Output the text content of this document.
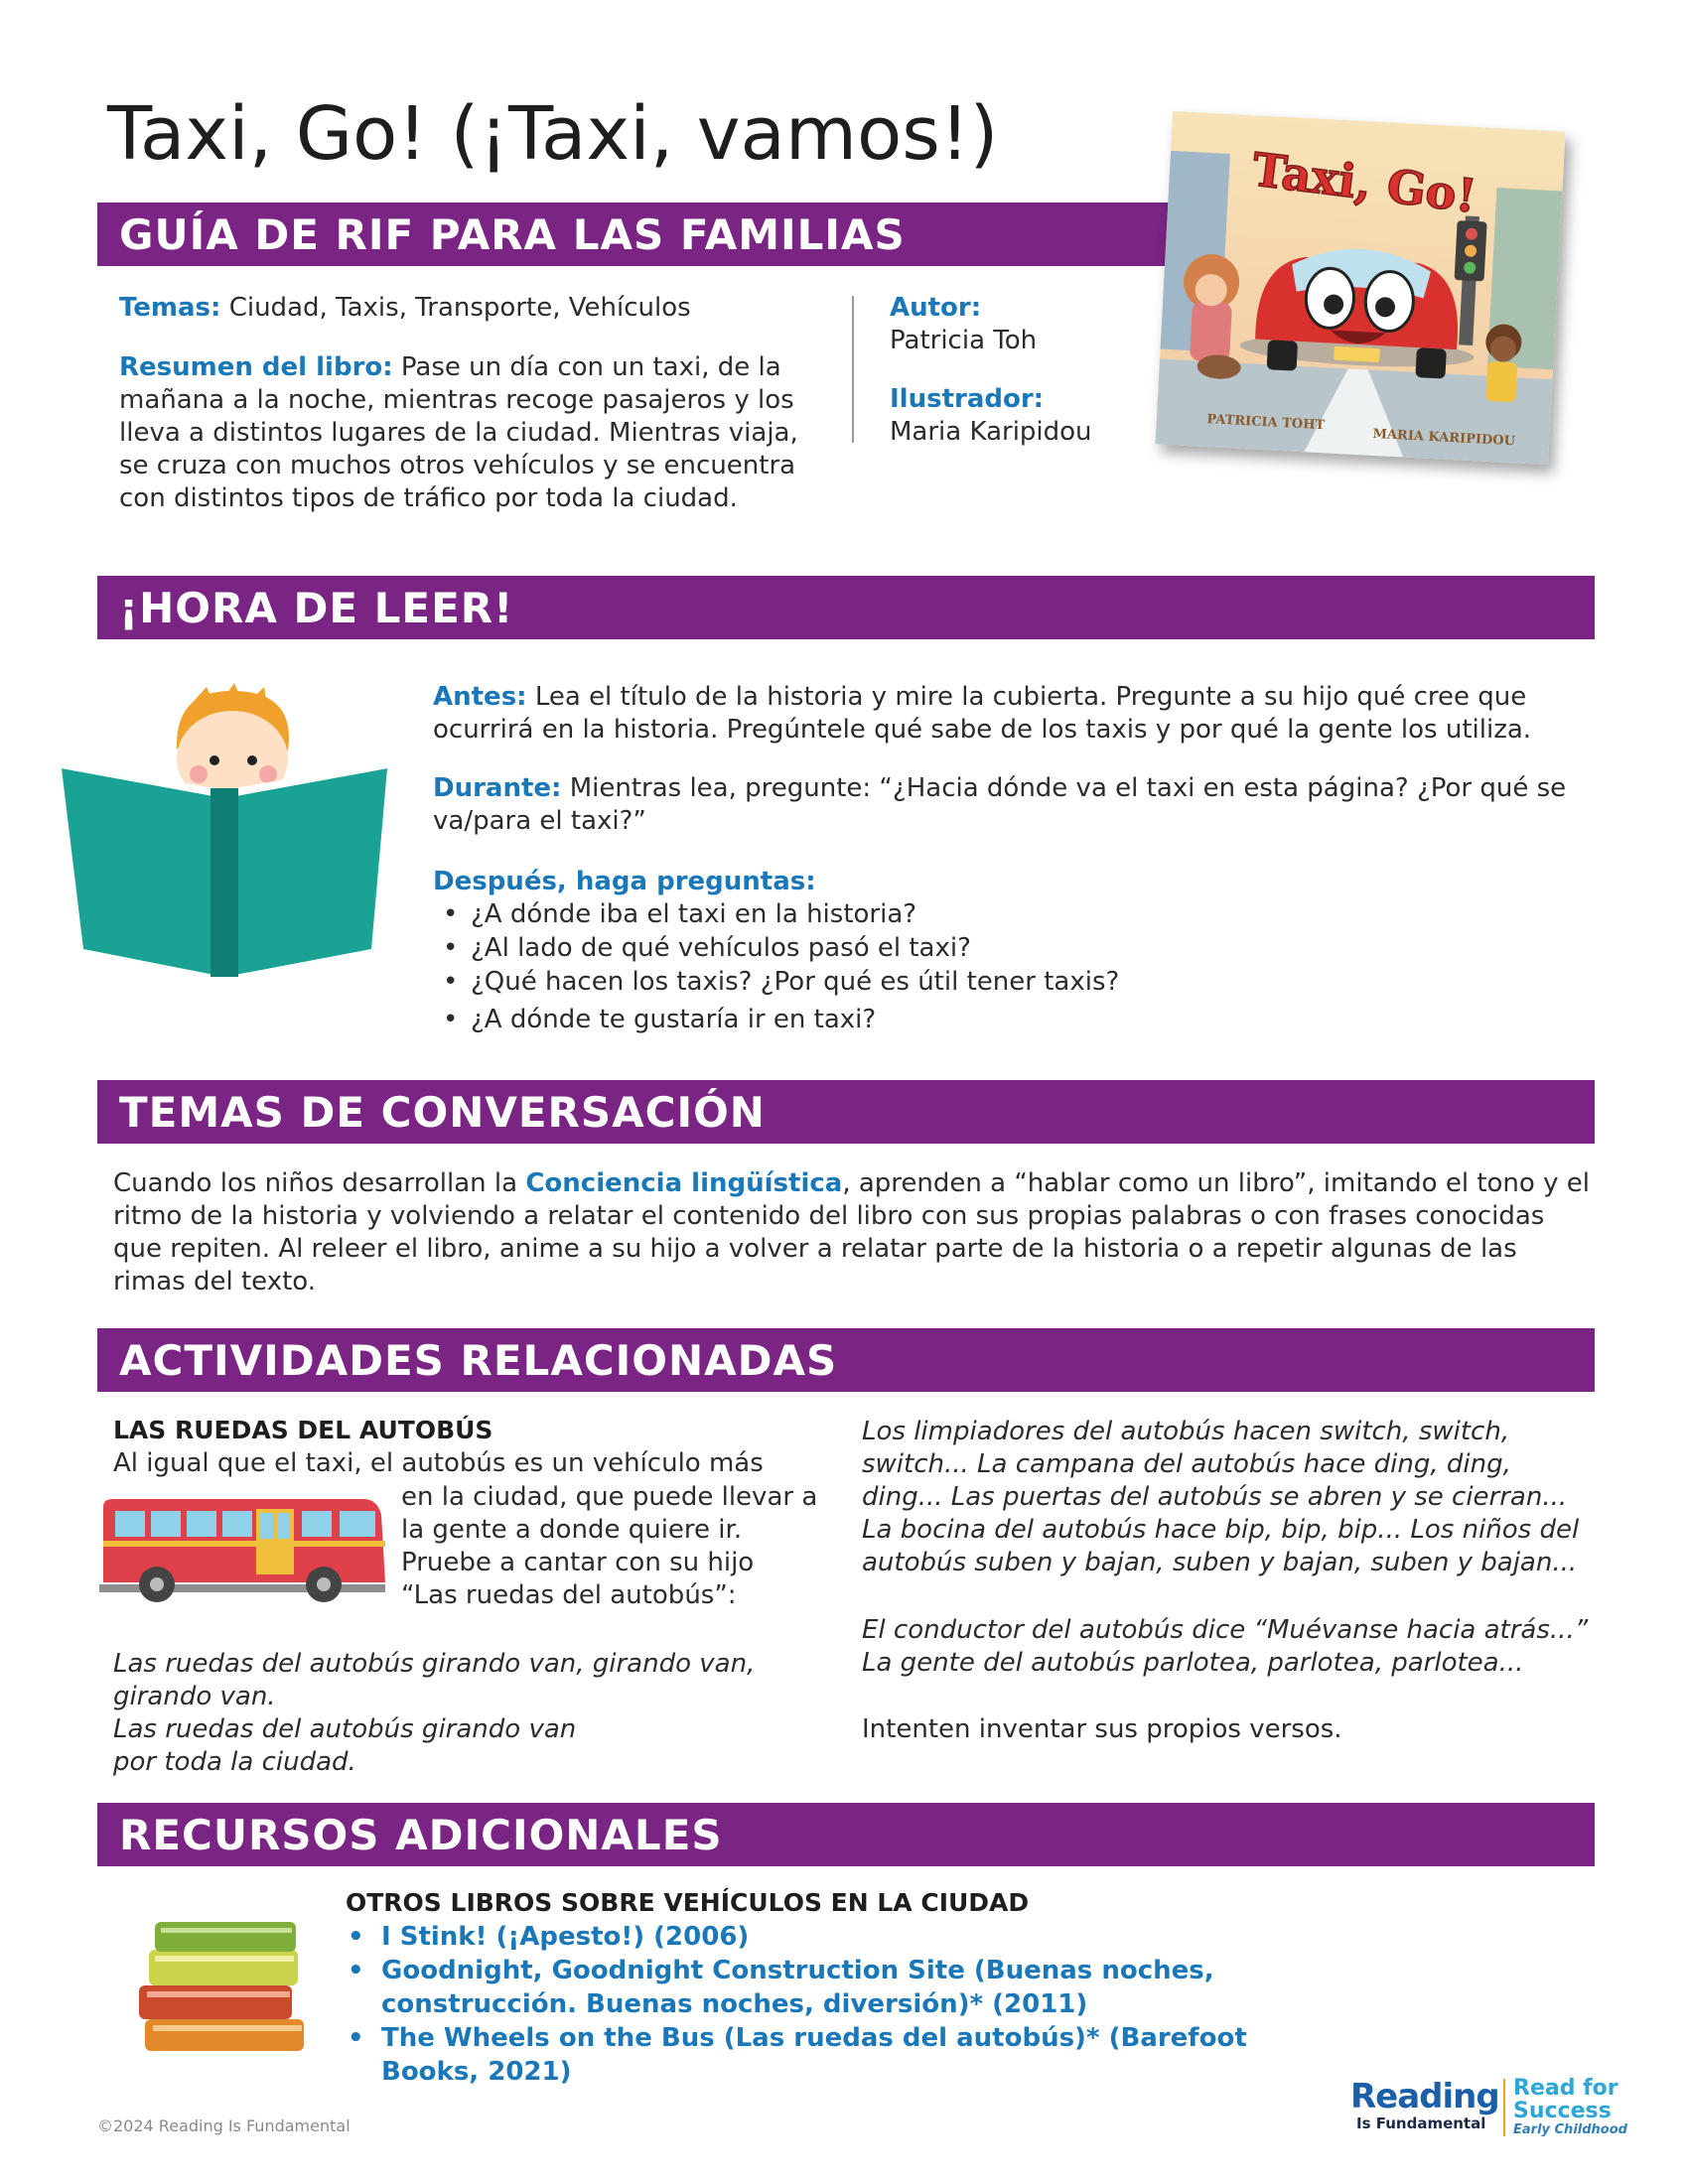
Taxi, Go! (¡Taxi, vamos!)
GUÍA DE RIF PARA LAS FAMILIAS
Taxi, Go!
PATRICIA TOHT
MARIA KARIPIDOU
Temas: Ciudad, Taxis, Transporte, Vehículos
Resumen del libro: Pase un día con un taxi, de la mañana a la noche, mientras recoge pasajeros y los lleva a distintos lugares de la ciudad. Mientras viaja, se cruza con muchos otros vehículos y se encuentra con distintos tipos de tráfico por toda la ciudad.
Autor:
Patricia Toh
Ilustrador:
Maria Karipidou
¡HORA DE LEER!
Antes: Lea el título de la historia y mire la cubierta. Pregunte a su hijo qué cree que ocurrirá en la historia. Pregúntele qué sabe de los taxis y por qué la gente los utiliza.
Durante: Mientras lea, pregunte: “¿Hacia dónde va el taxi en esta página? ¿Por qué se va/para el taxi?”
Después, haga preguntas:
• ¿A dónde iba el taxi en la historia?
• ¿Al lado de qué vehículos pasó el taxi?
• ¿Qué hacen los taxis? ¿Por qué es útil tener taxis?
• ¿A dónde te gustaría ir en taxi?
TEMAS DE CONVERSACIÓN
Cuando los niños desarrollan la Conciencia lingüística, aprenden a “hablar como un libro”, imitando el tono y el ritmo de la historia y volviendo a relatar el contenido del libro con sus propias palabras o con frases conocidas que repiten. Al releer el libro, anime a su hijo a volver a relatar parte de la historia o a repetir algunas de las rimas del texto.
ACTIVIDADES RELACIONADAS
LAS RUEDAS DEL AUTOBÚS
Al igual que el taxi, el autobús es un vehículo más
en la ciudad, que puede llevar a la gente a donde quiere ir. Pruebe a cantar con su hijo “Las ruedas del autobús”:
Las ruedas del autobús girando van, girando van, girando van.
Las ruedas del autobús girando van
por toda la ciudad.
Los limpiadores del autobús hacen switch, switch, switch... La campana del autobús hace ding, ding, ding... Las puertas del autobús se abren y se cierran... La bocina del autobús hace bip, bip, bip... Los niños del autobús suben y bajan, suben y bajan, suben y bajan...
El conductor del autobús dice “Muévanse hacia atrás...”
La gente del autobús parlotea, parlotea, parlotea...
Intenten inventar sus propios versos.
RECURSOS ADICIONALES
OTROS LIBROS SOBRE VEHÍCULOS EN LA CIUDAD
• I Stink! (¡Apesto!) (2006)
• Goodnight, Goodnight Construction Site (Buenas noches, construcción. Buenas noches, diversión)* (2011)
• The Wheels on the Bus (Las ruedas del autobús)* (Barefoot Books, 2021)
©2024 Reading Is Fundamental
Reading
Is Fundamental
Read for
Success
Early Childhood
